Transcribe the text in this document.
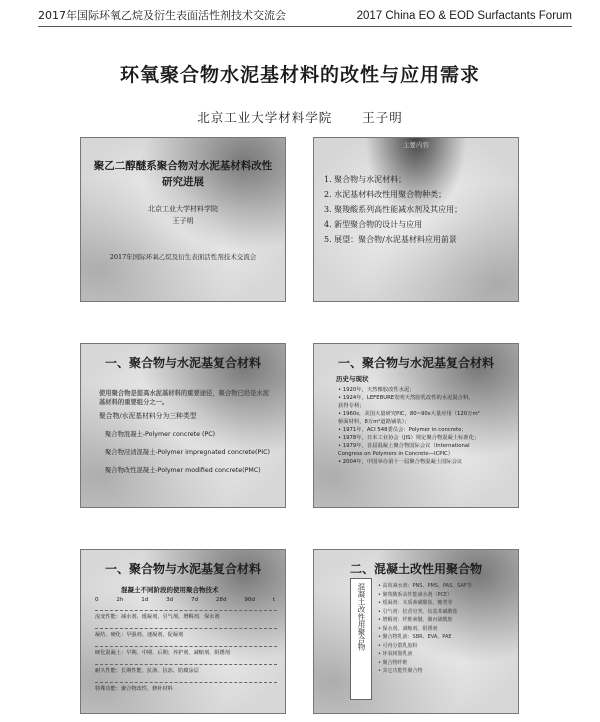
2017年国际环氧乙烷及衍生表面活性剂技术交流会	2017 China EO & EOD Surfactants Forum
环氧聚合物水泥基材料的改性与应用需求
北京工业大学材料学院 王子明
聚乙二醇醚系聚合物对水泥基材料改性研究进展
北京工业大学材料学院
王子明
2017年国际环氧乙烷及衍生表面活性剂技术交流会
主要内容
1. 聚合物与水泥材料；
2. 水泥基材料改性用聚合物种类；
3. 聚羧酸系列高性能减水剂及其应用；
4. 新型聚合物的设计与应用
5. 展望：聚合物/水泥基材料应用前景
一、聚合物与水泥基复合材料
使用聚合物是提高水泥基材料的重要途径，聚合物已经是水泥基材料的重要组分之一。
聚合物/水泥基材料分为三种类型
聚合物混凝土-Polymer concrete (PC)
聚合物浸渍混凝土-Polymer impregnated concrete(PIC)
聚合物改性混凝土-Polymer modified concrete(PMC)
一、聚合物与水泥基复合材料
历史与现状
• 1920年，天然橡胶改性水泥；
• 1924年，LEFEBURE发明天然胶乳改性的水泥混合料，
获得专利；
• 1960s，美国大量研究PIC，80~90s大量应用（120万m²
桥面材料，8万m²道路铺装）；
• 1971年，ACI 548委员会：Polymer in concrete；
• 1978年，日本工业协会（JIS）规定聚合物混凝土标准化；
• 1979年，首届混凝土聚合物国际会议（International
Congress on Polymers in Concrete—ICPIC）
• 2004年，中国举办第十一届聚合物混凝土国际会议
一、聚合物与水泥基复合材料
混凝土不同阶段的使用聚合物技术
0	2h	1d	3d	7d	28d	90d	t
流变性能：减水剂、缓凝剂、引气剂、增稠剂、保水剂
凝结、硬化：早强剂、速凝剂、促凝剂
硬化混凝土：早期、中期、后期；养护剂、减缩剂、阻锈剂
耐久性能：长期性能、抗渗、抗冻、防腐涂层
特殊功能：聚合物改性、修补材料
二、混凝土改性用聚合物
混凝土改性用聚合物	• 高效减水剂：PNS、PMS、PAS、SAF等
• 聚羧酸系高性能减水剂（PCE）
• 缓凝剂：木质素磺酸盐、糖类等
• 引气剂：松香皂类、烷基苯磺酸盐
• 增稠剂：纤维素醚、聚丙烯酰胺
• 保水剂、减缩剂、阻锈剂
• 聚合物乳液：SBR、EVA、PAE
• 可再分散乳胶粉
• 环氧树脂乳液
• 聚合物纤维
• 其它功能性聚合物
